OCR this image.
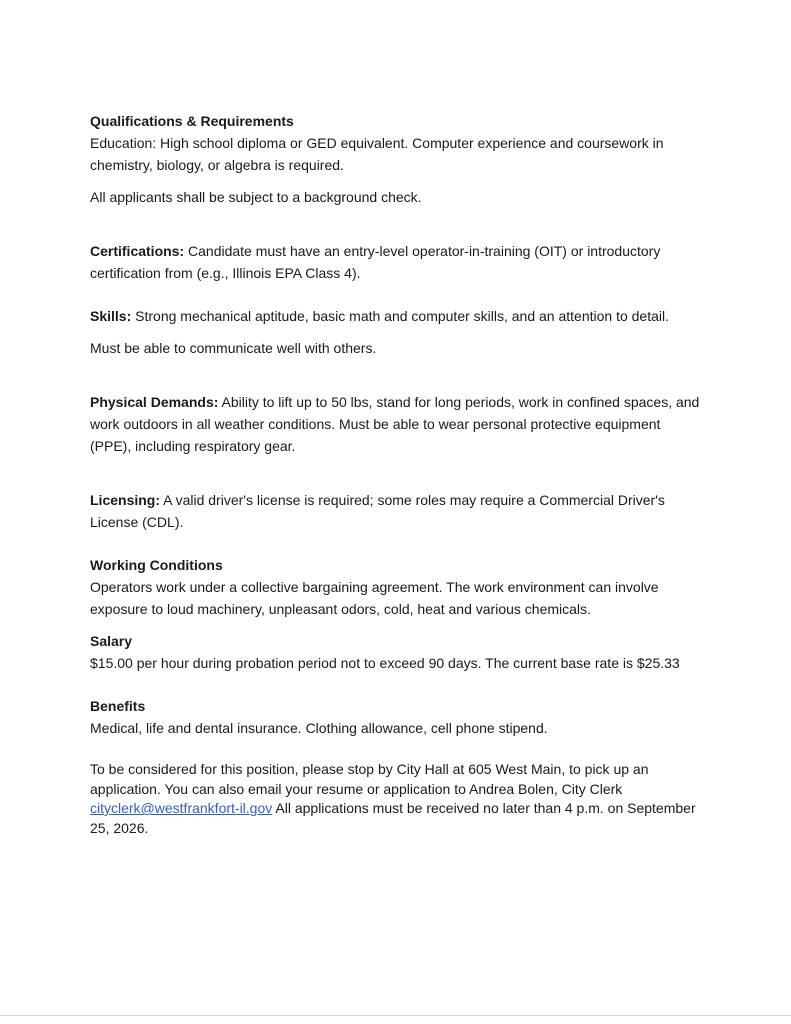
Qualifications & Requirements

Education: High school diploma or GED equivalent. Computer experience and coursework in chemistry, biology, or algebra is required.

All applicants shall be subject to a background check.

Certifications: Candidate must have an entry-level operator-in-training (OIT) or introductory certification from (e.g., Illinois EPA Class 4).

Skills: Strong mechanical aptitude, basic math and computer skills, and an attention to detail.

Must be able to communicate well with others.

Physical Demands: Ability to lift up to 50 lbs, stand for long periods, work in confined spaces, and work outdoors in all weather conditions. Must be able to wear personal protective equipment (PPE), including respiratory gear.

Licensing: A valid driver's license is required; some roles may require a Commercial Driver's License (CDL).

Working Conditions

Operators work under a collective bargaining agreement. The work environment can involve exposure to loud machinery, unpleasant odors, cold, heat and various chemicals.

Salary

$15.00 per hour during probation period not to exceed 90 days. The current base rate is $25.33

Benefits

Medical, life and dental insurance. Clothing allowance, cell phone stipend.

To be considered for this position, please stop by City Hall at 605 West Main, to pick up an application. You can also email your resume or application to Andrea Bolen, City Clerk cityclerk@westfrankfort-il.gov All applications must be received no later than 4 p.m. on September 25, 2026.
